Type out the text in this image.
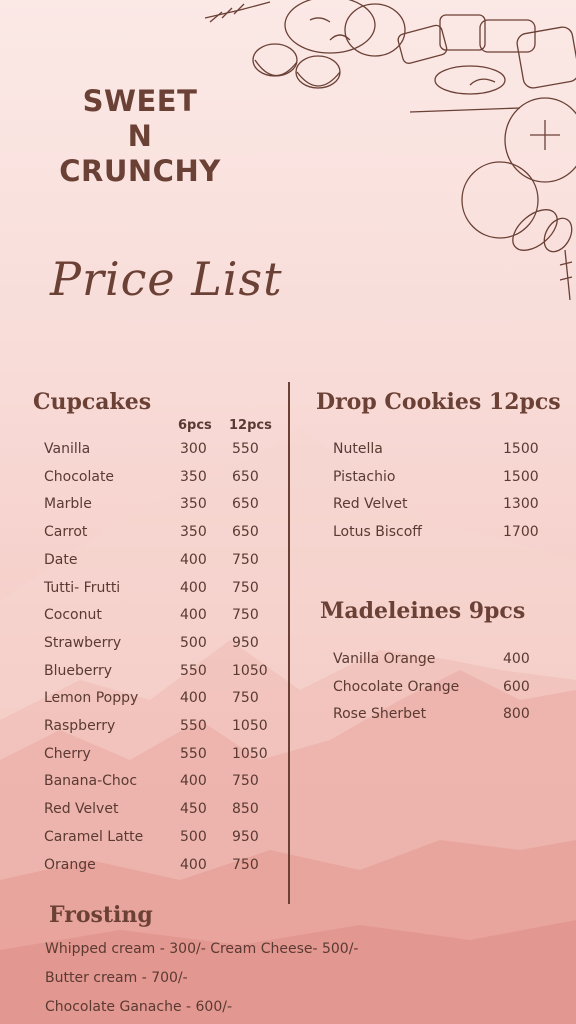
SWEET
N
CRUNCHY
Price List
Cupcakes
6pcs 12pcs
Vanilla	300 550
Chocolate	350 650
Marble	350 650
Carrot	350 650
Date	400 750
Tutti- Frutti	400 750
Coconut	400 750
Strawberry	500 950
Blueberry	550 1050
Lemon Poppy	400 750
Raspberry	550 1050
Cherry	550 1050
Banana-Choc	400 750
Red Velvet	450 850
Caramel Latte	500 950
Orange	400 750
Drop Cookies 12pcs
Nutella	1500
Pistachio	1500
Red Velvet	1300
Lotus Biscoff	1700
Madeleines 9pcs
Vanilla Orange	400
Chocolate Orange	600
Rose Sherbet	800
Frosting
Whipped cream - 300/- Cream Cheese- 500/-
Butter cream - 700/-
Chocolate Ganache - 600/-
